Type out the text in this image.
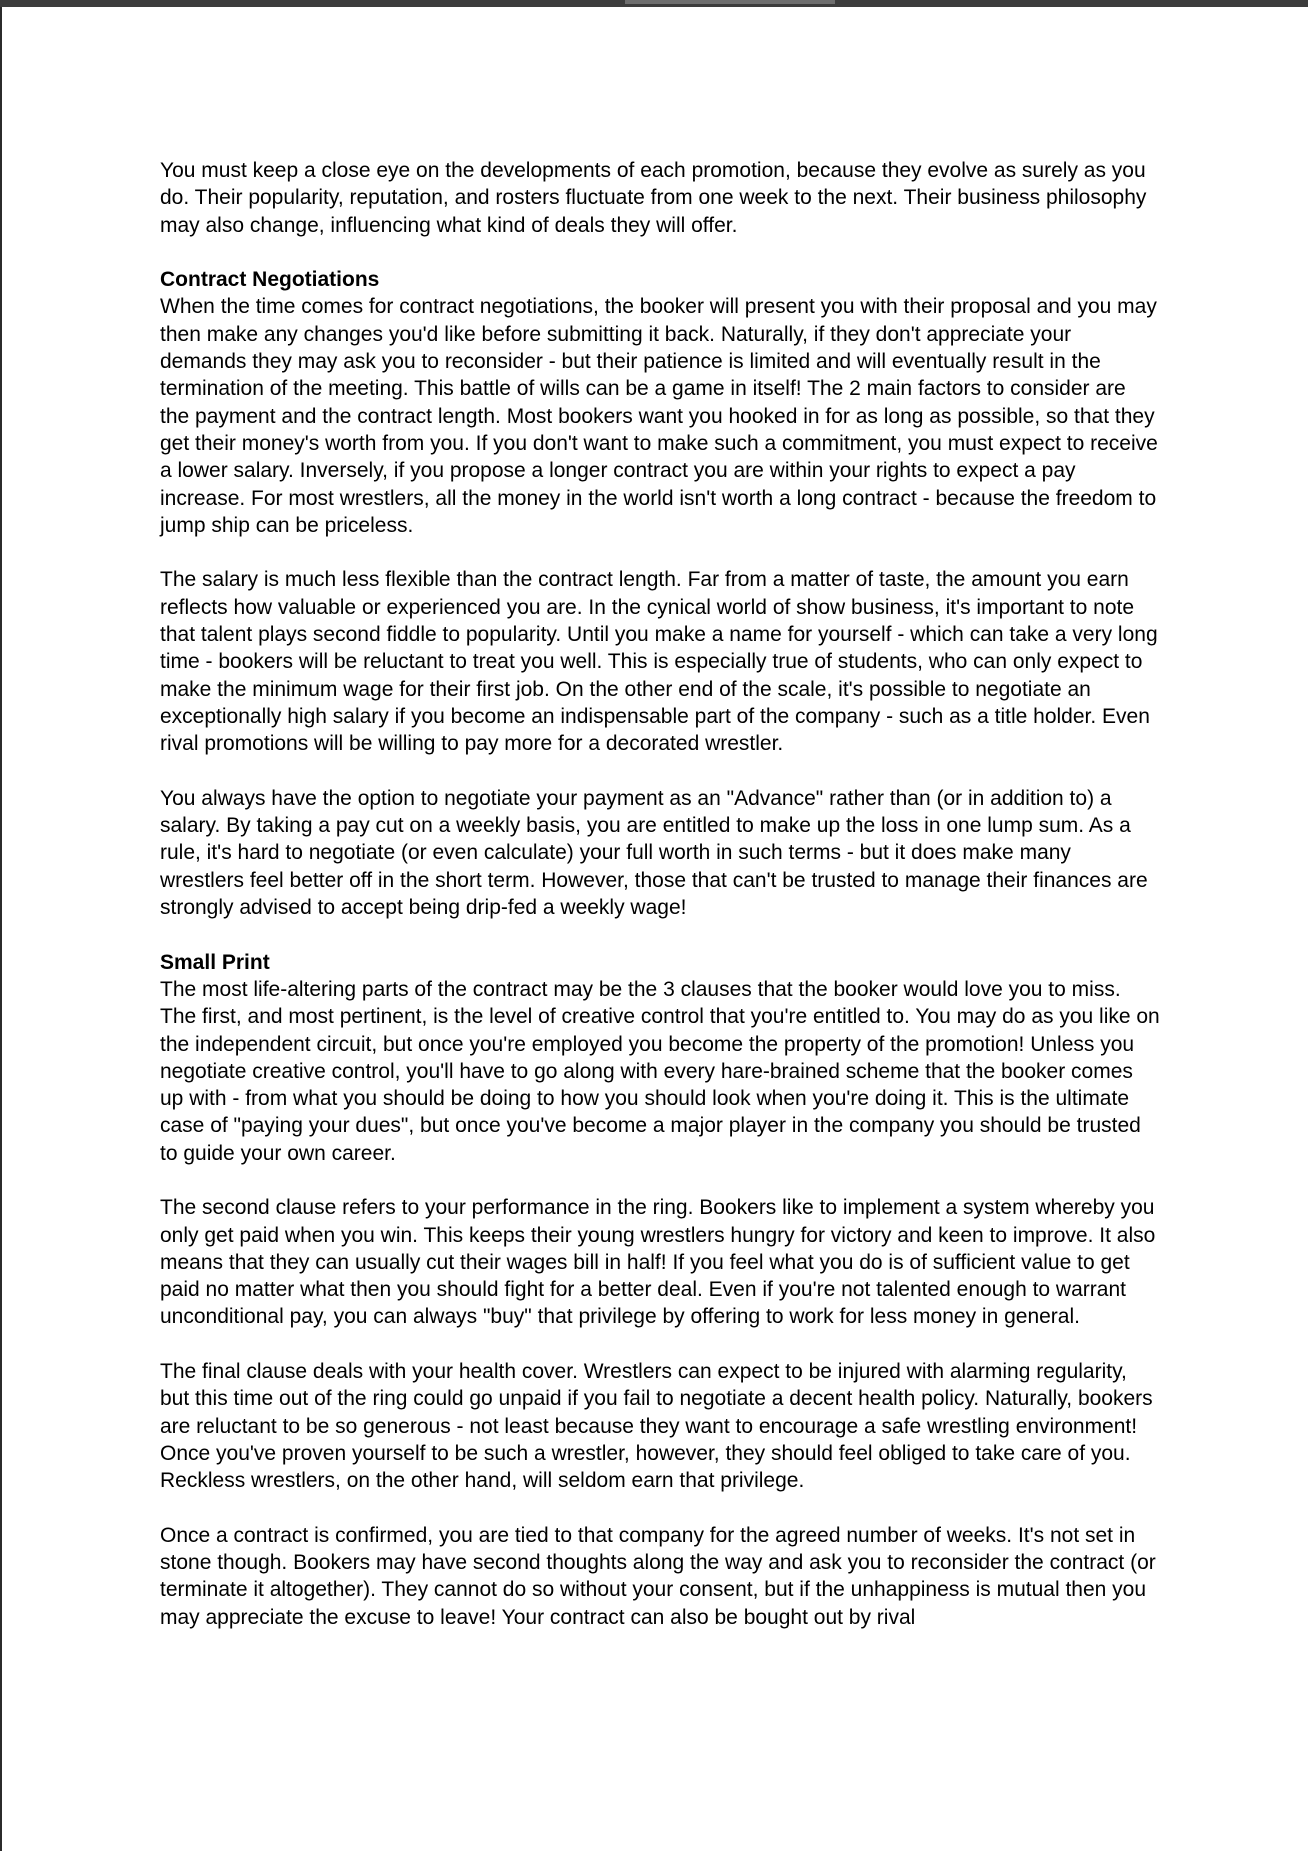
You must keep a close eye on the developments of each promotion, because they evolve as surely as you do. Their popularity, reputation, and rosters fluctuate from one week to the next. Their business philosophy may also change, influencing what kind of deals they will offer.

Contract Negotiations

When the time comes for contract negotiations, the booker will present you with their proposal and you may then make any changes you'd like before submitting it back. Naturally, if they don't appreciate your demands they may ask you to reconsider - but their patience is limited and will eventually result in the termination of the meeting. This battle of wills can be a game in itself! The 2 main factors to consider are the payment and the contract length. Most bookers want you hooked in for as long as possible, so that they get their money's worth from you. If you don't want to make such a commitment, you must expect to receive a lower salary. Inversely, if you propose a longer contract you are within your rights to expect a pay increase. For most wrestlers, all the money in the world isn't worth a long contract - because the freedom to jump ship can be priceless.

The salary is much less flexible than the contract length. Far from a matter of taste, the amount you earn reflects how valuable or experienced you are. In the cynical world of show business, it's important to note that talent plays second fiddle to popularity. Until you make a name for yourself - which can take a very long time - bookers will be reluctant to treat you well. This is especially true of students, who can only expect to make the minimum wage for their first job. On the other end of the scale, it's possible to negotiate an exceptionally high salary if you become an indispensable part of the company - such as a title holder. Even rival promotions will be willing to pay more for a decorated wrestler.

You always have the option to negotiate your payment as an "Advance" rather than (or in addition to) a salary. By taking a pay cut on a weekly basis, you are entitled to make up the loss in one lump sum. As a rule, it's hard to negotiate (or even calculate) your full worth in such terms - but it does make many wrestlers feel better off in the short term. However, those that can't be trusted to manage their finances are strongly advised to accept being drip-fed a weekly wage!

Small Print

The most life-altering parts of the contract may be the 3 clauses that the booker would love you to miss. The first, and most pertinent, is the level of creative control that you're entitled to. You may do as you like on the independent circuit, but once you're employed you become the property of the promotion! Unless you negotiate creative control, you'll have to go along with every hare-brained scheme that the booker comes up with - from what you should be doing to how you should look when you're doing it. This is the ultimate case of "paying your dues", but once you've become a major player in the company you should be trusted to guide your own career.

The second clause refers to your performance in the ring. Bookers like to implement a system whereby you only get paid when you win. This keeps their young wrestlers hungry for victory and keen to improve. It also means that they can usually cut their wages bill in half! If you feel what you do is of sufficient value to get paid no matter what then you should fight for a better deal. Even if you're not talented enough to warrant unconditional pay, you can always "buy" that privilege by offering to work for less money in general.

The final clause deals with your health cover. Wrestlers can expect to be injured with alarming regularity, but this time out of the ring could go unpaid if you fail to negotiate a decent health policy. Naturally, bookers are reluctant to be so generous - not least because they want to encourage a safe wrestling environment! Once you've proven yourself to be such a wrestler, however, they should feel obliged to take care of you. Reckless wrestlers, on the other hand, will seldom earn that privilege.

Once a contract is confirmed, you are tied to that company for the agreed number of weeks. It's not set in stone though. Bookers may have second thoughts along the way and ask you to reconsider the contract (or terminate it altogether). They cannot do so without your consent, but if the unhappiness is mutual then you may appreciate the excuse to leave! Your contract can also be bought out by rival
